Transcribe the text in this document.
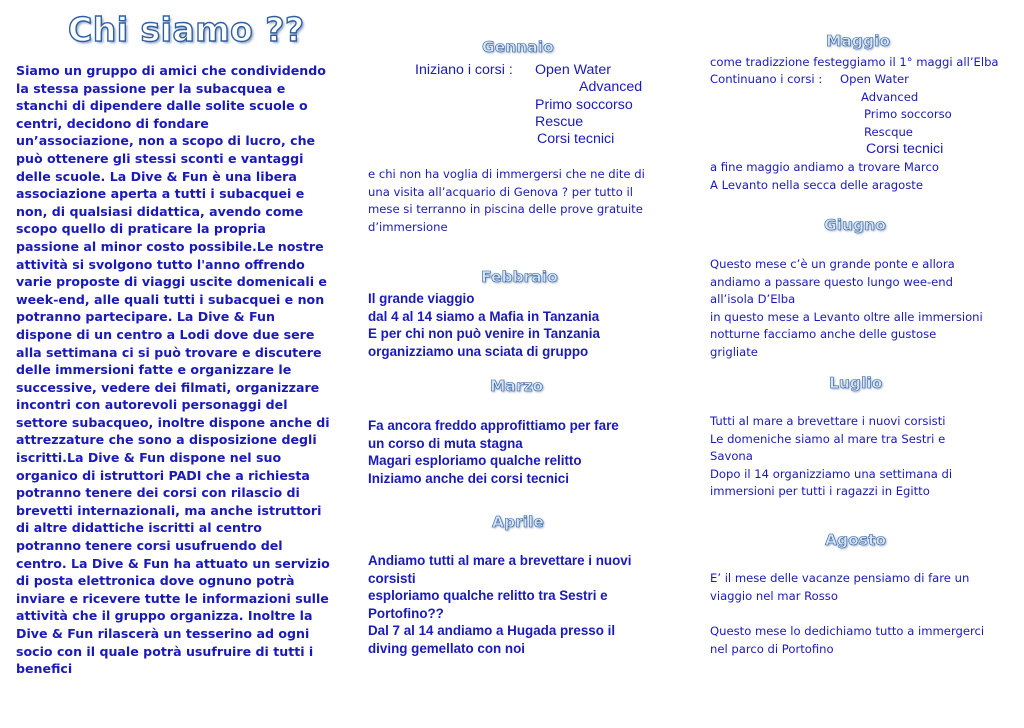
Chi siamo ??

Siamo un gruppo di amici che condividendo la stessa passione per la subacquea e stanchi di dipendere dalle solite scuole o centri, decidono di fondare un’associazione, non a scopo di lucro, che può ottenere gli stessi sconti e vantaggi delle scuole. La Dive & Fun è una libera associazione aperta a tutti i subacquei e non, di qualsiasi didattica, avendo come scopo quello di praticare la propria passione al minor costo possibile.Le nostre attività si svolgono tutto l'anno offrendo varie proposte di viaggi uscite domenicali e week-end, alle quali tutti i subacquei e non potranno partecipare. La Dive & Fun dispone di un centro a Lodi dove due sere alla settimana ci si può trovare e discutere delle immersioni fatte e organizzare le successive, vedere dei filmati, organizzare incontri con autorevoli personaggi del settore subacqueo, inoltre dispone anche di attrezzature che sono a disposizione degli iscritti.La Dive & Fun dispone nel suo organico di istruttori PADI che a richiesta potranno tenere dei corsi con rilascio di brevetti internazionali, ma anche istruttori di altre didattiche iscritti al centro potranno tenere corsi usufruendo del centro. La Dive & Fun ha attuato un servizio di posta elettronica dove ognuno potrà inviare e ricevere tutte le informazioni sulle attività che il gruppo organizza. Inoltre la Dive & Fun rilascerà un tesserino ad ogni socio con il quale potrà usufruire di tutti i benefici

Gennaio
Iniziano i corsi : Open Water
Advanced
Primo soccorso
Rescue
Corsi tecnici

e chi non ha voglia di immergersi che ne dite di una visita all’acquario di Genova ? per tutto il mese si terranno in piscina delle prove gratuite d’immersione

Febbraio
Il grande viaggio
dal 4 al 14 siamo a Mafia in Tanzania
E per chi non può venire in Tanzania
organizziamo una sciata di gruppo
Marzo
Fa ancora freddo approfittiamo per fare
un corso di muta stagna
Magari esploriamo qualche relitto
Iniziamo anche dei corsi tecnici
Aprile
Andiamo tutti al mare a brevettare i nuovi
corsisti
esploriamo qualche relitto tra Sestri e
Portofino??
Dal 7 al 14 andiamo a Hugada presso il
diving gemellato con noi
Maggio
come tradizzione festeggiamo il 1° maggi all’Elba
Continuano i corsi : Open Water
Advanced
Primo soccorso
Rescque
Corsi tecnici
a fine maggio andiamo a trovare Marco
A Levanto nella secca delle aragoste
Giugno
Questo mese c’è un grande ponte e allora
andiamo a passare questo lungo wee-end
all’isola D’Elba
in questo mese a Levanto oltre alle immersioni
notturne facciamo anche delle gustose
grigliate
Luglio
Tutti al mare a brevettare i nuovi corsisti
Le domeniche siamo al mare tra Sestri e
Savona
Dopo il 14 organizziamo una settimana di
immersioni per tutti i ragazzi in Egitto
Agosto
E’ il mese delle vacanze pensiamo di fare un
viaggio nel mar Rosso
Questo mese lo dedichiamo tutto a immergerci
nel parco di Portofino
